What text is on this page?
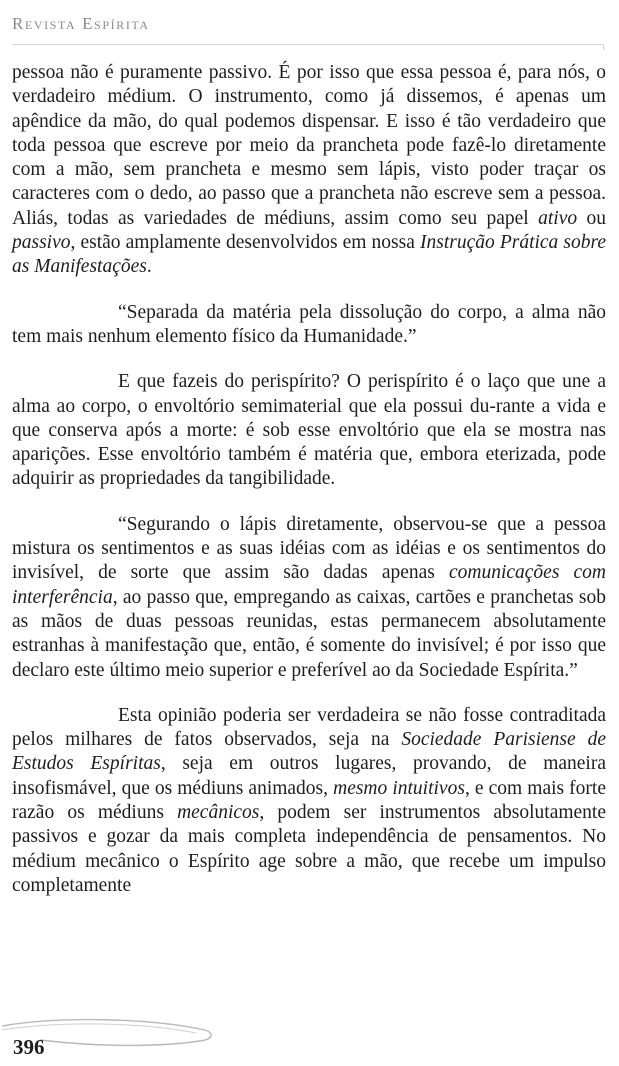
Revista Espírita

pessoa não é puramente passivo. É por isso que essa pessoa é, para nós, o verdadeiro médium. O instrumento, como já dissemos, é apenas um apêndice da mão, do qual podemos dispensar. E isso é tão verdadeiro que toda pessoa que escreve por meio da prancheta pode fazê-lo diretamente com a mão, sem prancheta e mesmo sem lápis, visto poder traçar os caracteres com o dedo, ao passo que a prancheta não escreve sem a pessoa. Aliás, todas as variedades de médiuns, assim como seu papel ativo ou passivo, estão amplamente desenvolvidos em nossa Instrução Prática sobre as Manifestações.

“Separada da matéria pela dissolução do corpo, a alma não tem mais nenhum elemento físico da Humanidade.”

E que fazeis do perispírito? O perispírito é o laço que une a alma ao corpo, o envoltório semimaterial que ela possui du-rante a vida e que conserva após a morte: é sob esse envoltório que ela se mostra nas aparições. Esse envoltório também é matéria que, embora eterizada, pode adquirir as propriedades da tangibilidade.

“Segurando o lápis diretamente, observou-se que a pessoa mistura os sentimentos e as suas idéias com as idéias e os sentimentos do invisível, de sorte que assim são dadas apenas comunicações com interferência, ao passo que, empregando as caixas, cartões e pranchetas sob as mãos de duas pessoas reunidas, estas permanecem absolutamente estranhas à manifestação que, então, é somente do invisível; é por isso que declaro este último meio superior e preferível ao da Sociedade Espírita.”

Esta opinião poderia ser verdadeira se não fosse contraditada pelos milhares de fatos observados, seja na Sociedade Parisiense de Estudos Espíritas, seja em outros lugares, provando, de maneira insofismável, que os médiuns animados, mesmo intuitivos, e com mais forte razão os médiuns mecânicos, podem ser instrumentos absolutamente passivos e gozar da mais completa independência de pensamentos. No médium mecânico o Espírito age sobre a mão, que recebe um impulso completamente

396
